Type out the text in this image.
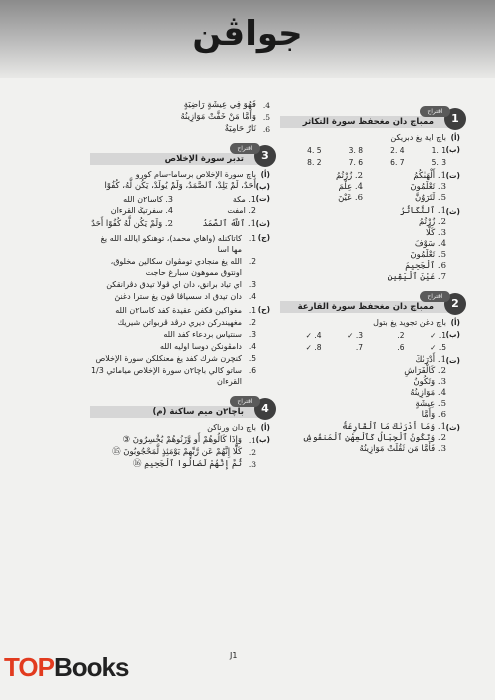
جواڤن
1
اقتراح
ممباچ دان مغحفظ سورة التكاثر
(أ)
باچ اية يغ دبريكن
(ب)
1 .1
4 .2
8 .3
5 .4
3 .5
7 .6
6 .7
2 .8
(ت)
1. أَلْهَىٰكُمُ
2. زُرْتُمُ
3. تَعْلَمُونَ
4. عِلْمَ
5. لَتَرَوُنَّ
6. عَيْنَ
(ث)
1. ٱلتَّكَاثُرُ
2. زُرْتُمُ
3. كَلَّا
4. سَوْفَ
5. تَعْلَمُونَ
6. ٱلْجَحِيمَ
7. عَيْنَ ٱلْيَقِينِ
2
اقتراح
ممباچ دان مغحفظ سورة القارعة
(أ)
باچ دغن تجويد يغ بتول
(ب)
1. ✓
2.
3. ✓
4. ✓
5. ✓
6.
7.
8. ✓
(ت)
1. أَدْرَىٰكَ
2. كَالْفَرَاشِ
3. وَتَكُونُ
4. مَوَازِينُهُ
5. عِيشَةٍ
6. وَأَمَّا
(ث)
1. وَمَا أَدْرَىٰكَ مَا ٱلْقَارِعَةُ
2. وَتَكُونُ ٱلْجِبَالُ كَٱلْعِهْنِ ٱلْمَنفُوشِ
3. فَأَمَّا مَن ثَقُلَتْ مَوَازِينُهُ
4.
فَهُوَ فِي عِيشَةٍ رَاضِيَةٍ
5.
وَأَمَّا مَنْ خَفَّتْ مَوَازِينُهُ
6.
نَارٌ حَامِيَةٌ
3
اقتراح
تدبر سورة الإخلاص
(أ)
باچ سورة الإخلاص برساما-سام كورو
(ب)
أَحَدٌ، لَمْ يَلِدْ، ٱلصَّمَدُ، وَلَمْ يُولَدْ، يَكُن لَّهُ، كُفُوًا
(ت)
1. مكة
3. كاسا٢ن الله
2. امفت
4. سفرتيݢ القرءان
(ث)
1. ٱللَّهُ ٱلصَّمَدُ
2. وَلَمْ يَكُن لَّهُ كُفُوًا أَحَدٌ
(ج)
1.
كاتاكنله (واهاي محمد)، توهنكو ايالله الله يغ مها اسا
2.
الله يغ منجادي تومڤوان سكالين مخلوق، اونتوق مموهون سبارغ حاجت
3.
اي تياد برانق، دان اي ڤولا تيدق دڤرانقكن
4.
دان تيدق اد سسياڤا ڤون يغ سترا دغنڽ
(ح)
1.
مغواكين فكفن عقيدة كفد كاسا٢ن الله
2.
مغهيندركن ديري درڤد ڤربواتن شيريك
3.
سنتياس بردعاء كفد الله
4.
دامڤونكن دوسا اوليه الله
5.
كنچرن شرك كفد يغ معنكلكن سورة الإخلاص
6.
ساتو كالي باچا٢ن سورة الإخلاص ميامائي 1/3 القرءان
4
اقتراح
باچا٢ن ميم ساكنة (م)
(أ)
باچ دان ورناكن
(ب)
1.
وَإِذَا كَالُوهُمْ أَو وَّزَنُوهُمْ يُخْسِرُونَ ③
2.
كَلَّا إِنَّهُمْ عَن رَّبِّهِمْ يَوْمَئِذٍ لَّمَحْجُوبُونَ ⑮
3.
ثُمَّ إِنَّهُمْ لَصَالُوا ٱلْجَحِيمِ ⑯
TOPBooks	J1
